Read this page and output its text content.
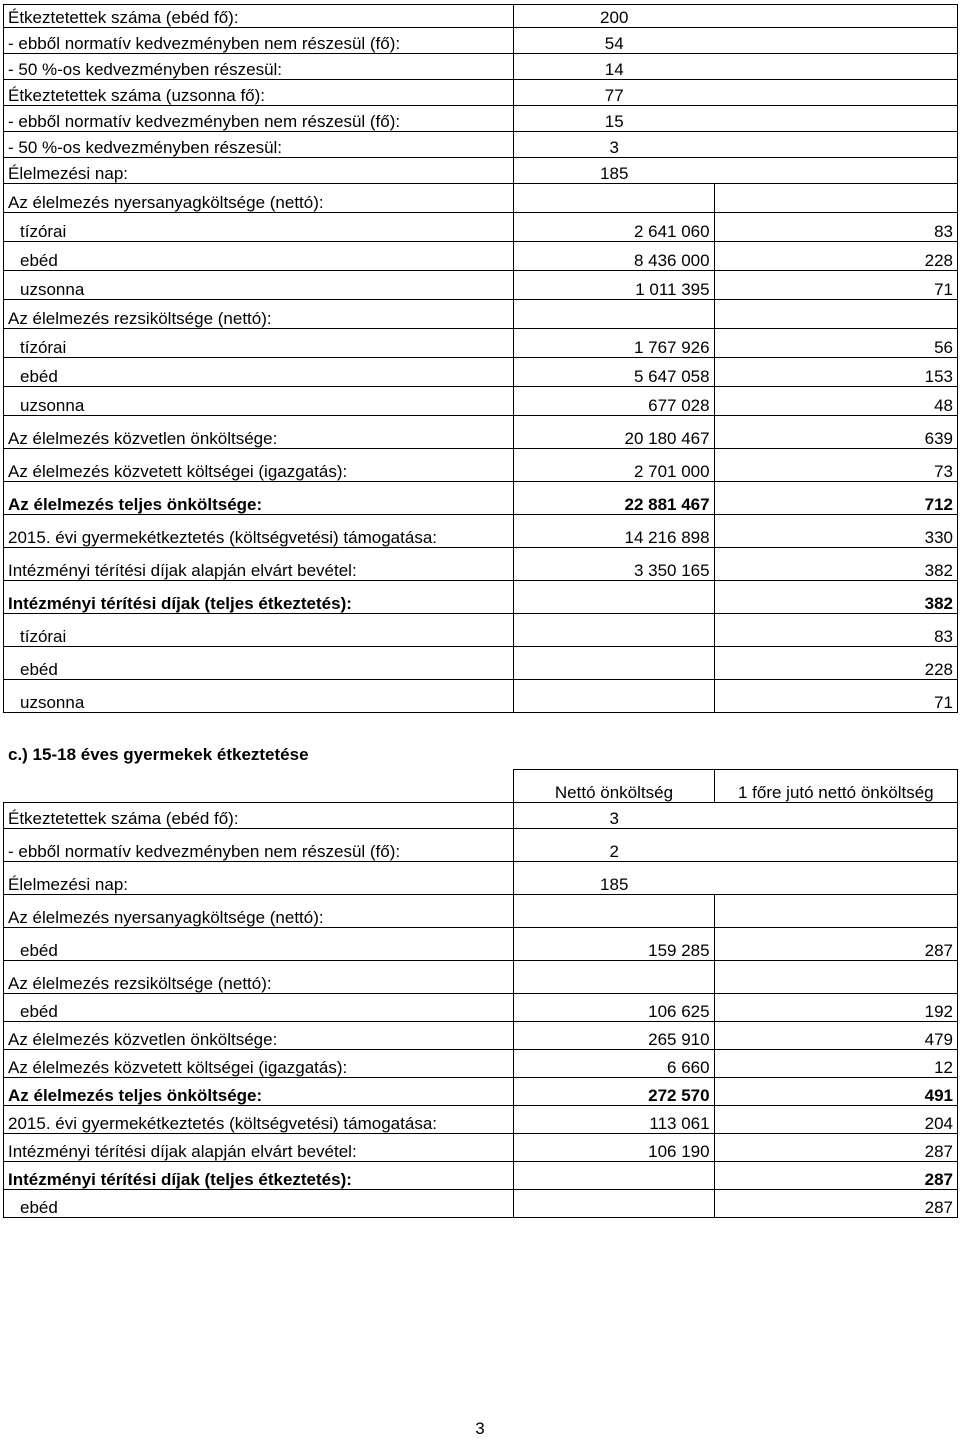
Étkeztetettek száma (ebéd fő):	200	
- ebből normatív kedvezményben nem részesül (fő):	54	
- 50 %-os kedvezményben részesül:	14	
Étkeztetettek száma (uzsonna fő):	77	
- ebből normatív kedvezményben nem részesül (fő):	15	
- 50 %-os kedvezményben részesül:	3	
Élelmezési nap:	185	
Az élelmezés nyersanyagköltsége (nettó):		
tízórai	2 641 060	83
ebéd	8 436 000	228
uzsonna	1 011 395	71
Az élelmezés rezsiköltsége (nettó):		
tízórai	1 767 926	56
ebéd	5 647 058	153
uzsonna	677 028	48
Az élelmezés közvetlen önköltsége:	20 180 467	639
Az élelmezés közvetett költségei (igazgatás):	2 701 000	73
Az élelmezés teljes önköltsége:	22 881 467	712
2015. évi gyermekétkeztetés (költségvetési) támogatása:	14 216 898	330
Intézményi térítési díjak alapján elvárt bevétel:	3 350 165	382
Intézményi térítési díjak (teljes étkeztetés):		382
tízórai		83
ebéd		228
uzsonna		71
c.) 15-18 éves gyermekek étkeztetése
	Nettó önköltség	1 főre jutó nettó önköltség
Étkeztetettek száma (ebéd fő):	3	
- ebből normatív kedvezményben nem részesül (fő):	2	
Élelmezési nap:	185	
Az élelmezés nyersanyagköltsége (nettó):		
ebéd	159 285	287
Az élelmezés rezsiköltsége (nettó):		
ebéd	106 625	192
Az élelmezés közvetlen önköltsége:	265 910	479
Az élelmezés közvetett költségei (igazgatás):	6 660	12
Az élelmezés teljes önköltsége:	272 570	491
2015. évi gyermekétkeztetés (költségvetési) támogatása:	113 061	204
Intézményi térítési díjak alapján elvárt bevétel:	106 190	287
Intézményi térítési díjak (teljes étkeztetés):		287
ebéd		287
3
